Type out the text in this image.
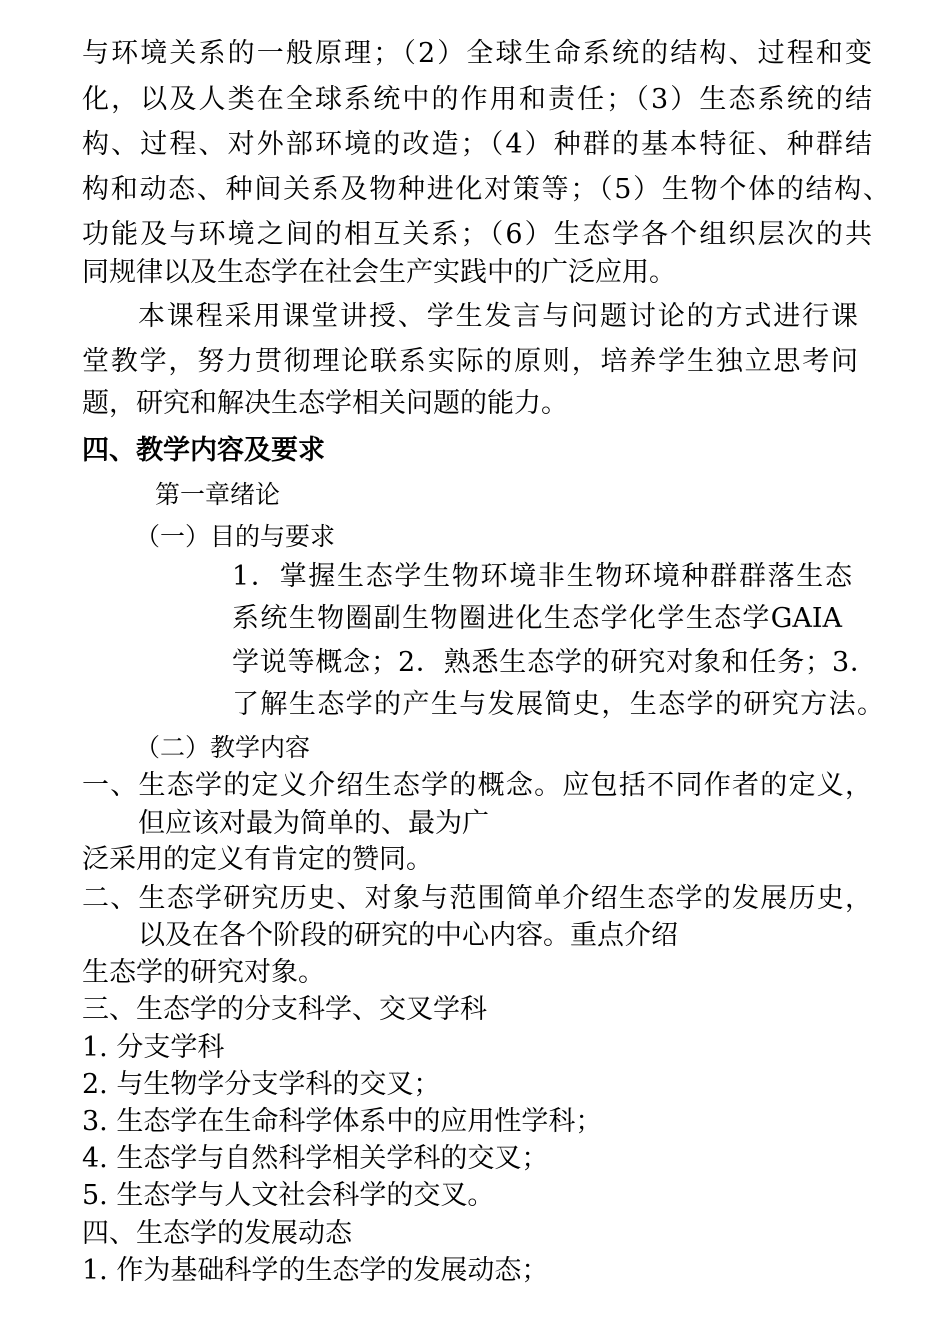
与环境关系的一般原理；（2）全球生命系统的结构、过程和变
化，以及人类在全球系统中的作用和责任；（3）生态系统的结
构、过程、对外部环境的改造；（4）种群的基本特征、种群结
构和动态、种间关系及物种进化对策等；（5）生物个体的结构、
功能及与环境之间的相互关系；（6）生态学各个组织层次的共
同规律以及生态学在社会生产实践中的广泛应用。
本课程采用课堂讲授、学生发言与问题讨论的方式进行课
堂教学，努力贯彻理论联系实际的原则，培养学生独立思考问
题，研究和解决生态学相关问题的能力。
四、教学内容及要求
第一章绪论
（一）目的与要求
1．掌握生态学生物环境非生物环境种群群落生态
系统生物圈副生物圈进化生态学化学生态学GAIA
学说等概念；2．熟悉生态学的研究对象和任务；3．
了解生态学的产生与发展简史，生态学的研究方法。
（二）教学内容
一、生态学的定义介绍生态学的概念。应包括不同作者的定义，
但应该对最为简单的、最为广
泛采用的定义有肯定的赞同。
二、生态学研究历史、对象与范围简单介绍生态学的发展历史，
以及在各个阶段的研究的中心内容。重点介绍
生态学的研究对象。
三、生态学的分支科学、交叉学科
1. 分支学科
2. 与生物学分支学科的交叉；
3. 生态学在生命科学体系中的应用性学科；
4. 生态学与自然科学相关学科的交叉；
5. 生态学与人文社会科学的交叉。
四、生态学的发展动态
1. 作为基础科学的生态学的发展动态；
